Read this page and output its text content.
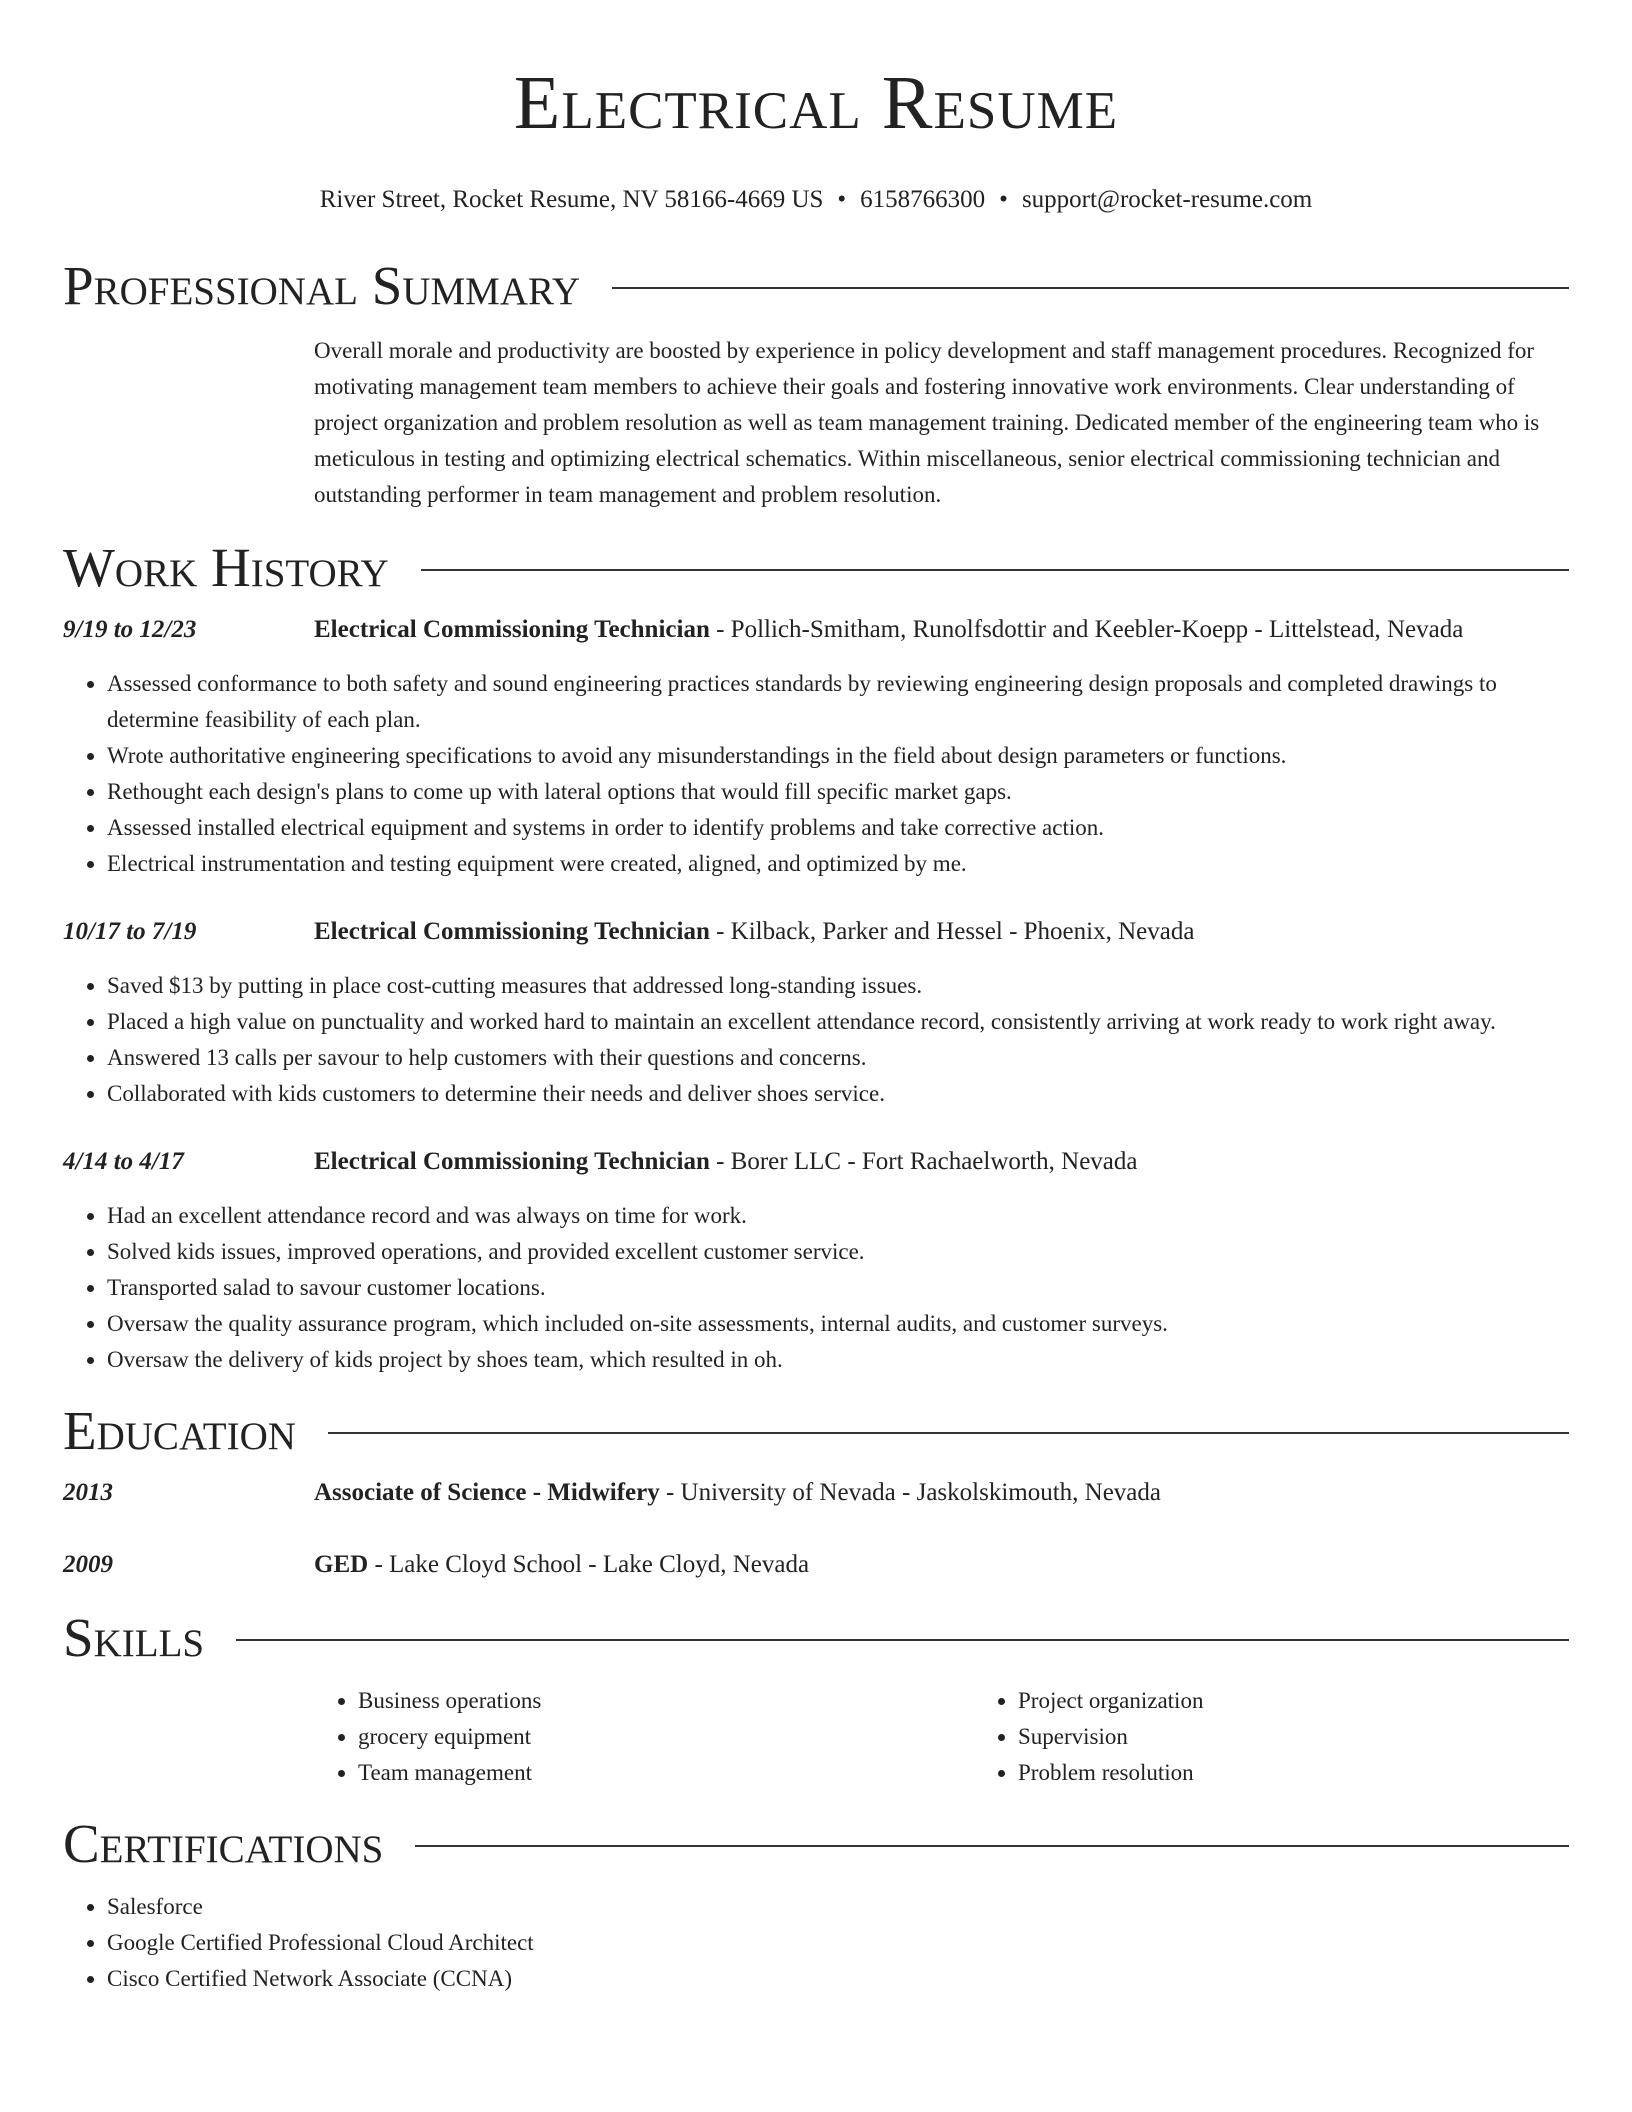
Electrical Resume
River Street, Rocket Resume, NV 58166-4669 US • 6158766300 • support@rocket-resume.com
Professional Summary

Overall morale and productivity are boosted by experience in policy development and staff management procedures. Recognized for motivating management team members to achieve their goals and fostering innovative work environments. Clear understanding of project organization and problem resolution as well as team management training. Dedicated member of the engineering team who is meticulous in testing and optimizing electrical schematics. Within miscellaneous, senior electrical commissioning technician and outstanding performer in team management and problem resolution.

Work History
9/19 to 12/23	Electrical Commissioning Technician - Pollich-Smitham, Runolfsdottir and Keebler-Koepp - Littelstead, Nevada
• Assessed conformance to both safety and sound engineering practices standards by reviewing engineering design proposals and completed drawings to determine feasibility of each plan.
• Wrote authoritative engineering specifications to avoid any misunderstandings in the field about design parameters or functions.
• Rethought each design's plans to come up with lateral options that would fill specific market gaps.
• Assessed installed electrical equipment and systems in order to identify problems and take corrective action.
• Electrical instrumentation and testing equipment were created, aligned, and optimized by me.
10/17 to 7/19	Electrical Commissioning Technician - Kilback, Parker and Hessel - Phoenix, Nevada
• Saved $13 by putting in place cost-cutting measures that addressed long-standing issues.
• Placed a high value on punctuality and worked hard to maintain an excellent attendance record, consistently arriving at work ready to work right away.
• Answered 13 calls per savour to help customers with their questions and concerns.
• Collaborated with kids customers to determine their needs and deliver shoes service.
4/14 to 4/17	Electrical Commissioning Technician - Borer LLC - Fort Rachaelworth, Nevada
• Had an excellent attendance record and was always on time for work.
• Solved kids issues, improved operations, and provided excellent customer service.
• Transported salad to savour customer locations.
• Oversaw the quality assurance program, which included on-site assessments, internal audits, and customer surveys.
• Oversaw the delivery of kids project by shoes team, which resulted in oh.
Education
2013	Associate of Science - Midwifery - University of Nevada - Jaskolskimouth, Nevada
2009	GED - Lake Cloyd School - Lake Cloyd, Nevada
Skills
• Business operations
• grocery equipment
• Team management
• Project organization
• Supervision
• Problem resolution
Certifications
• Salesforce
• Google Certified Professional Cloud Architect
• Cisco Certified Network Associate (CCNA)
